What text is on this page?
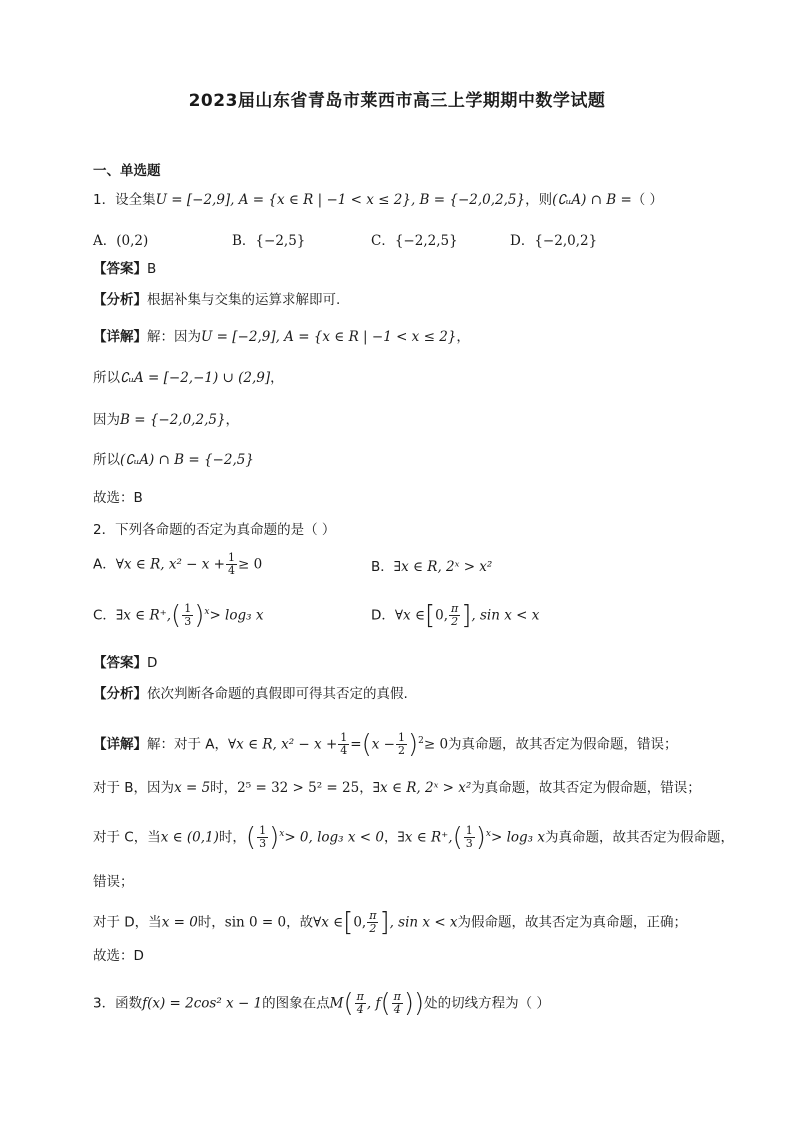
2023届山东省青岛市莱西市高三上学期期中数学试题
一、单选题
1．设全集U = [−2,9], A = {x ∈ R | −1 < x ≤ 2}, B = {−2,0,2,5}，则(∁ᵤA) ∩ B =（ ）
A．(0,2)	B．{−2,5}	C．{−2,2,5}	D．{−2,0,2}
【答案】B
【分析】根据补集与交集的运算求解即可.
【详解】解：因为U = [−2,9], A = {x ∈ R | −1 < x ≤ 2}，
所以∁ᵤA = [−2,−1) ∪ (2,9]，
因为B = {−2,0,2,5}，
所以(∁ᵤA) ∩ B = {−2,5}
故选：B
2．下列各命题的否定为真命题的是（ ）
A．∀x ∈ R, $x^2 - x + \frac{1}{4} \ge 0$	B．∃x ∈ R, 2ˣ > x²
C．∃x ∈ $R^+,( \frac{1}{3} )^x> \log_3$ x	D．∀x ∈[0, $\frac{\pi}{2}$ ], sin x < x
【答案】D
【分析】依次判断各命题的真假即可得其否定的真假.
【详解】解：对于 A，∀x ∈ R, $x^2 - x + \frac{1}{4} =(x - \frac{1}{2} )^2\ge 0$为真命题，故其否定为假命题，错误；
对于 B，因为x = 5时，2⁵ = 32 > 5² = 25，∃x ∈ R, 2ˣ > x²为真命题，故其否定为假命题，错误；
对于 C，当x ∈ (0,1)时，( $\frac{1}{3} )^x> 0$, log₃ x < 0，∃x ∈ $R^+,( \frac{1}{3} )^x> \log_3$ x为真命题，故其否定为假命题，
错误；
对于 D，当x = 0时，sin 0 = 0，故∀x ∈[0, $\frac{\pi}{2}$ ], sin x < x为假命题，故其否定为真命题，正确；
故选：D
3．函数f(x) = 2cos² x − 1的图象在点$M( \frac{\pi}{4}$ , $f( \frac{\pi}{4}$ ))处的切线方程为（ ）
